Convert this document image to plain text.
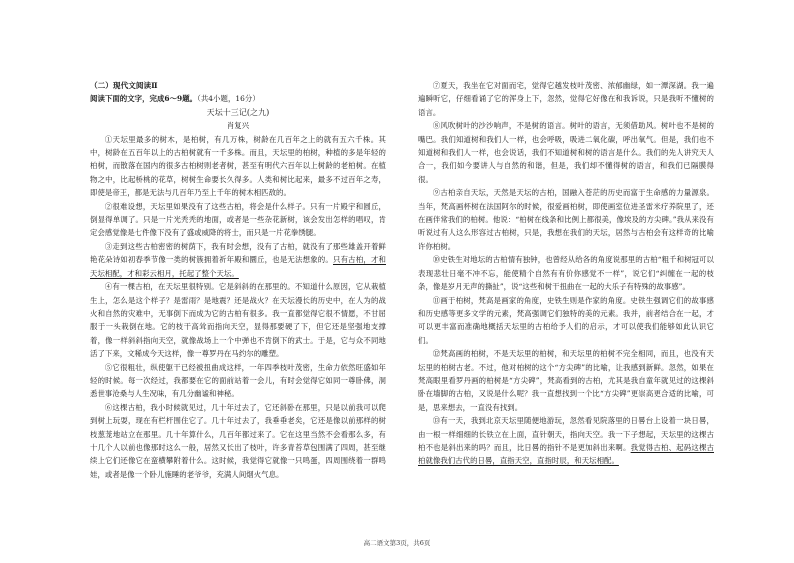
（二）现代文阅读Ⅱ

阅读下面的文字，完成6～9题。（共4小题，16分）

天坛十三记(之九)

肖复兴

①天坛里最多的树木，是柏树，有几万株，树龄在几百年之上的就有五六千株。其中，树龄在五百年以上的古柏树就有一千多株。而且，天坛里的柏树，种植的多是年轻的柏树，而散落在国内的很多古柏树则老者树，甚至有明代六百年以上树龄的老柏树。在植物之中，比起桥桃的花草，树树生命要长久得多。人类和树比起来，最多不过百年之寿，即使是帝王，都是无法与几百年乃至上千年的树木相匹敌的。

②很难设想，天坛里如果没有了这些古柏，将会是什么样子。只有一片殿宇和圆丘，倒显得单调了。只是一片光秃秃的地面，或者是一些杂花新树，该会发出怎样的唱叹，肯定会感觉像是七件像下没有了盛或威降的将士，而只是一片花拳绣腿。

③走到这些古柏密密的树荫下，我有时会想，没有了古柏，就没有了那些雄盖开着鲜艳花朵诗如初春季节像一类的树簇拥着祈年殿和圜丘，也是无法想象的。只有古柏，才和天坛相配，才和彩云相月，托起了整个天坛。

④有一棵古柏，在天坛里很特别。它是斜斜的在那里的。不知道什么原因，它从栽植生上，怎么是这个样子？是雷雨？是地震？还是战火？在天坛漫长的历史中，在人为的战火和自然的灾难中，无事倒下而成为它的古柏有很多。我一直都觉得它很不情愿，不甘屈服于一头栽倒在地。它的枝干高耸而指向天空，显得那要硬了下，但它还是坚强地支撑着，像一样斜斜指向天空，就像战场上一个中弹也不肯倒下的武士。于是，它与众不同地活了下来，文稀成今天这样，像一尊罗丹在马约尔的雕塑。

⑤它很粗壮，纵使躯干已经被扭曲成这样，一年四季枝叶茂密，生命力依然旺盛如年轻的时候。每一次经过，我都要在它的面前站着一会儿，有时会觉得它如同一尊卧佛，洞悉世事沧桑与人生况味，有几分幽谧和神秘。

⑥这棵古柏，我小时候就见过，几十年过去了，它还斜卧在那里，只是以前我可以爬到树上玩耍，现在有栏杆围住它了。几十年过去了，我垂垂老矣，它还是像以前那样的树枝葱茏地站立在那里。几十年算什么，几百年都过来了。它在这里当然不会看那么多，有十几个人以前也像那时这么一般，居然又长出了枝叶，许多青苔草包围满了四周，甚至继续上它们还像它在蛮横攀附着什么。这时候，我觉得它就像一只鸣蛋，四周围绕着一群鸣娃，或者是像一个卧儿施睡的老爷爷，充满人间烟火气息。

⑦夏天，我坐在它对面而宅，觉得它越发枝叶茂密、浓郁幽绿，如一潭深湖。我一遍遍瞬听它，仔细看诵了它的浑身上下，忽然，觉得它好像在和我诉说，只是我听不懂树的语言。

⑧风吹树叶的沙沙响声，不是树的语言。树叶的语言，无须借助风。树叶也不是树的嘴巴。我们知道树和我们人一样，也会呼吸，吸进二氧化碳，呼出氧气。但是，我们也不知道树和我们人一样，也会说话，我们不知道树和树的语言是什么。我们的先人讲究天人合一，我们如今要讲人与自然的和谐，但是，我们却不懂得树的语言，和我们已隔膜得很。

⑨古柏亲自天坛，天然是天坛的古柏，国融入苍茫的历史而富于生命感的力量源泉。当年，梵高画杯树在法国阿尔的时候，很爱画柏树，即使画室位进圣雷米疗养院里了，还在画伴常我们的柏树。他说：“柏树在线条和比例上都很美，像埃及的方尖碑。”我从来没有听说过有人这么形容过古柏树，只是，我想在我们的天坛，居然与古柏会有这样奇的比喻许你柏树。

⑩史铁生对地坛的古柏情有独钟，也曾经从给各的角度说那里的古柏“粗千和树冠可以表现悲壮日毫不冲不忘，能使精个自然有有价你感觉不一样”，说它们“纠缠在一起的枝条，像是岁月无声的撕扯”，说“这些和树干扭曲在一起的大乐子有特殊的故事感”。

⑪画于柏树，梵高是画家的角度，史铁生则是作家的角度。史铁生强调它们的故事感和历史感等更多文学的元素，梵高强调它们独特的美的元素。我并，前者结合在一起，才可以更丰富而准确地概括天坛里的古柏给予人们的启示，才可以使我们能够如此认识它们。

⑫梵高画的柏树，不是天坛里的柏树，和天坛里的柏树不完全相同，而且，也没有天坛里的柏树古老。不过，他对柏树的这个“方尖碑”的比喻，让我感到新鲜。忽然，如果在梵高眼里看罗丹画的柏树是“方尖碑”，梵高看到的古柏，尤其是我自童年就见过的这棵斜卧在墙脚的古柏，又说是什么呢？我一直想找到一个比“方尖碑”更崇高更合适的比喻，可是，思来想去，一直没有找到。

⑬有一天，我到北京天坛里随便地游玩，忽然看见院落里的日晷台上设着一块日晷，由一根一样细细的长铁立在上面，直针朝天，指向天空。我一下子想起，天坛里的这棵古柏不也是斜出来的吗？而且，比日晷的指针不是更加斜出来啊。我觉得古柏、起码这棵古柏就像我们古代的日晷，直指天空，直指时辰，和天坛相配。

高二语文第3页，共6页
